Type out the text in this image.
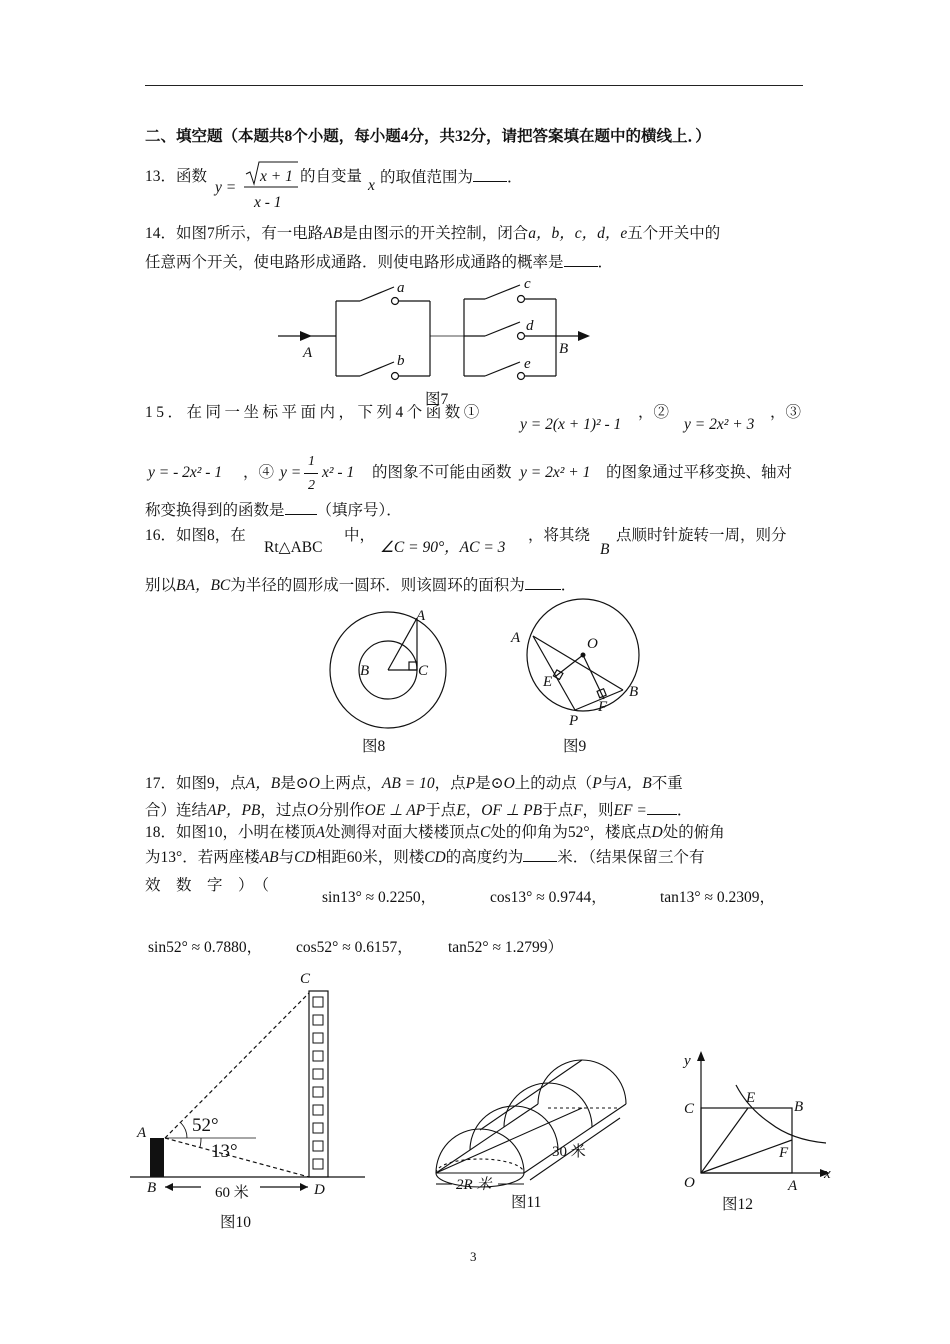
二、填空题（本题共8个小题，每小题4分，共32分，请把答案填在题中的横线上．）
13．函数
y =
x + 1
x - 1
的自变量
x 的取值范围为 ．
14．如图7所示，有一电路AB是由图示的开关控制，闭合a，b，c，d，e五个开关中的
任意两个开关，使电路形成通路．则使电路形成通路的概率是 ．
A
a
b
c
d
e
B
图7
15．在同一坐标平面内，下列4个函数①
y = 2(x + 1)² - 1
，②
y = 2x² + 3
，③
y = - 2x² - 1 ，④ y =
1
2
x² - 1 的图象不可能由函数 y = 2x² + 1 的图象通过平移变换、轴对
称变换得到的函数是 （填序号）．
16．如图8，在
Rt△ABC
中，
∠C = 90°，AC = 3
，将其绕
B
点顺时针旋转一周，则分
别以BA，BC为半径的圆形成一圆环．则该圆环的面积为 ．
A
B	C
图8
A	O
E
F
B
P
图9
17．如图9，点A，B是⊙O上两点，AB = 10，点P是⊙O上的动点（P与A，B不重
合）连结AP，PB，过点O分别作OE ⊥ AP于点E，OF ⊥ PB于点F，则EF = ．
18．如图10，小明在楼顶A处测得对面大楼楼顶点C处的仰角为52°，楼底点D处的俯角
为13°．若两座楼AB与CD相距60米，则楼CD的高度约为 米．（结果保留三个有
效　数　字　）　（
sin13° ≈ 0.2250，	cos13° ≈ 0.9744，	tan13° ≈ 0.2309，
sin52° ≈ 0.7880， cos52° ≈ 0.6157， tan52° ≈ 1.2799）
C
A
B	D
52°
13°
60 米
图10
30 米
2R 米
图11
y
x
O	A
C
E
B
F
图12
3
